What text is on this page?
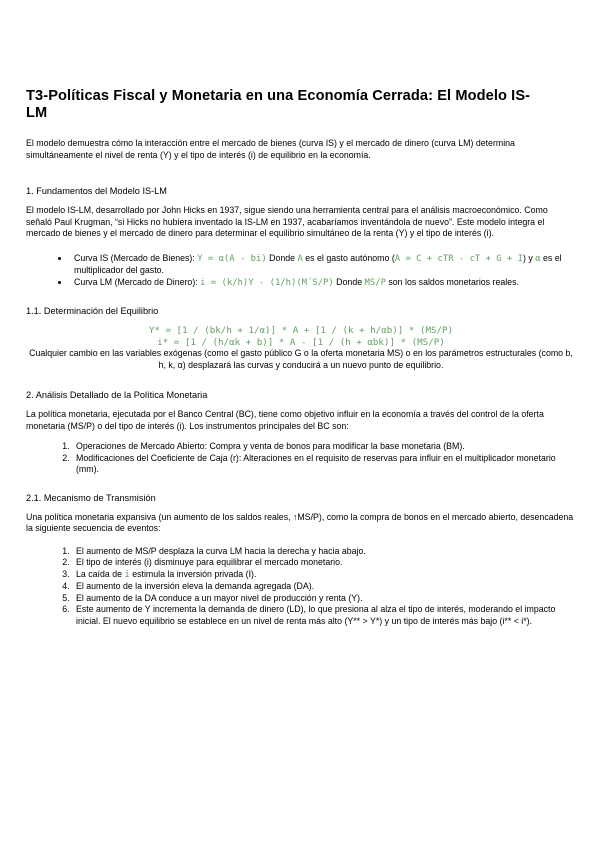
T3-Políticas Fiscal y Monetaria en una Economía Cerrada: El Modelo IS-LM

El modelo demuestra cómo la interacción entre el mercado de bienes (curva IS) y el mercado de dinero (curva LM) determina simultáneamente el nivel de renta (Y) y el tipo de interés (i) de equilibrio en la economía.

1. Fundamentos del Modelo IS-LM

El modelo IS-LM, desarrollado por John Hicks en 1937, sigue siendo una herramienta central para el análisis macroeconómico. Como señaló Paul Krugman, “si Hicks no hubiera inventado la IS-LM en 1937, acabaríamos inventándola de nuevo”. Este modelo integra el mercado de bienes y el mercado de dinero para determinar el equilibrio simultáneo de la renta (Y) y el tipo de interés (i).

• Curva IS (Mercado de Bienes): Y = α(A - bi) Donde A es el gasto autónomo (A = C + cTR - cT + G + I) y α es el multiplicador del gasto.
• Curva LM (Mercado de Dinero): i = (k/h)Y - (1/h)(M´S/P) Donde MS/P son los saldos monetarios reales.
1.1. Determinación del Equilibrio
Y* = [1 / (bk/h + 1/α)] * A + [1 / (k + h/αb)] * (MS/P)
i* = [1 / (h/αk + b)] * A - [1 / (h + αbk)] * (MS/P)

Cualquier cambio en las variables exógenas (como el gasto público G o la oferta monetaria MS) o en los parámetros estructurales (como b, h, k, α) desplazará las curvas y conducirá a un nuevo punto de equilibrio.

2. Análisis Detallado de la Política Monetaria

La política monetaria, ejecutada por el Banco Central (BC), tiene como objetivo influir en la economía a través del control de la oferta monetaria (MS/P) o del tipo de interés (i). Los instrumentos principales del BC son:

1. Operaciones de Mercado Abierto: Compra y venta de bonos para modificar la base monetaria (BM).
2. Modificaciones del Coeficiente de Caja (r): Alteraciones en el requisito de reservas para influir en el multiplicador monetario (mm).
2.1. Mecanismo de Transmisión

Una política monetaria expansiva (un aumento de los saldos reales, ↑MS/P), como la compra de bonos en el mercado abierto, desencadena la siguiente secuencia de eventos:

1. El aumento de MS/P desplaza la curva LM hacia la derecha y hacia abajo.
2. El tipo de interés (i) disminuye para equilibrar el mercado monetario.
3. La caída de i estimula la inversión privada (I).
4. El aumento de la inversión eleva la demanda agregada (DA).
5. El aumento de la DA conduce a un mayor nivel de producción y renta (Y).
6. Este aumento de Y incrementa la demanda de dinero (LD), lo que presiona al alza el tipo de interés, moderando el impacto inicial. El nuevo equilibrio se establece en un nivel de renta más alto (Y** > Y*) y un tipo de interés más bajo (i** < i*).
